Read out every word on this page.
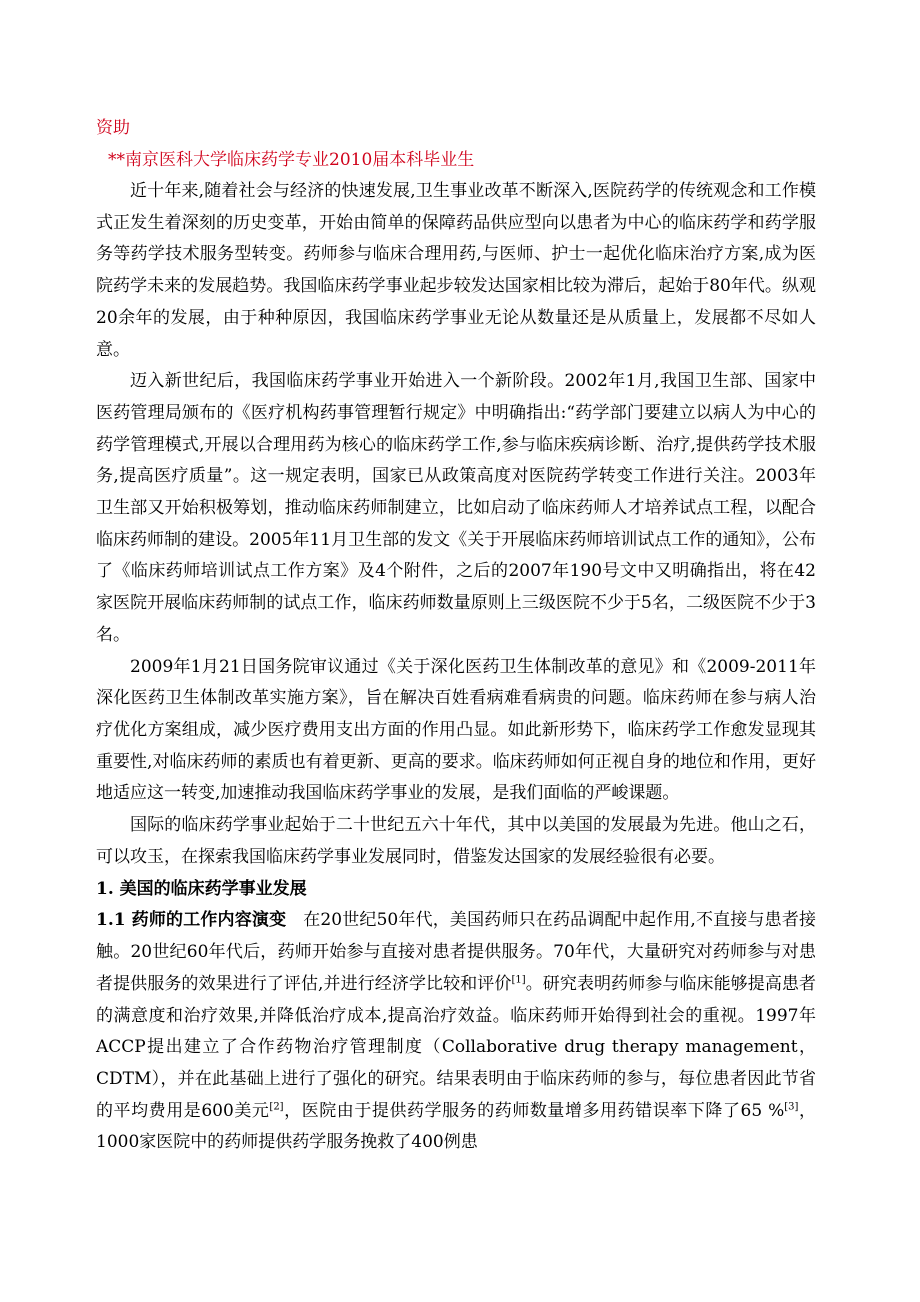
资助

**南京医科大学临床药学专业2010届本科毕业生

近十年来,随着社会与经济的快速发展,卫生事业改革不断深入,医院药学的传统观念和工作模式正发生着深刻的历史变革，开始由简单的保障药品供应型向以患者为中心的临床药学和药学服务等药学技术服务型转变。药师参与临床合理用药,与医师、护士一起优化临床治疗方案,成为医院药学未来的发展趋势。我国临床药学事业起步较发达国家相比较为滞后，起始于80年代。纵观20余年的发展，由于种种原因，我国临床药学事业无论从数量还是从质量上，发展都不尽如人意。

迈入新世纪后，我国临床药学事业开始进入一个新阶段。2002年1月,我国卫生部、国家中医药管理局颁布的《医疗机构药事管理暂行规定》中明确指出:“药学部门要建立以病人为中心的药学管理模式,开展以合理用药为核心的临床药学工作,参与临床疾病诊断、治疗,提供药学技术服务,提高医疗质量”。这一规定表明，国家已从政策高度对医院药学转变工作进行关注。2003年卫生部又开始积极筹划，推动临床药师制建立，比如启动了临床药师人才培养试点工程，以配合临床药师制的建设。2005年11月卫生部的发文《关于开展临床药师培训试点工作的通知》，公布了《临床药师培训试点工作方案》及4个附件，之后的2007年190号文中又明确指出，将在42家医院开展临床药师制的试点工作，临床药师数量原则上三级医院不少于5名，二级医院不少于3名。

2009年1月21日国务院审议通过《关于深化医药卫生体制改革的意见》和《2009-2011年深化医药卫生体制改革实施方案》，旨在解决百姓看病难看病贵的问题。临床药师在参与病人治疗优化方案组成，减少医疗费用支出方面的作用凸显。如此新形势下，临床药学工作愈发显现其重要性,对临床药师的素质也有着更新、更高的要求。临床药师如何正视自身的地位和作用，更好地适应这一转变,加速推动我国临床药学事业的发展，是我们面临的严峻课题。

国际的临床药学事业起始于二十世纪五六十年代，其中以美国的发展最为先进。他山之石，可以攻玉，在探索我国临床药学事业发展同时，借鉴发达国家的发展经验很有必要。

1. 美国的临床药学事业发展

1.1 药师的工作内容演变 在20世纪50年代，美国药师只在药品调配中起作用,不直接与患者接触。20世纪60年代后，药师开始参与直接对患者提供服务。70年代，大量研究对药师参与对患者提供服务的效果进行了评估,并进行经济学比较和评价[1]。研究表明药师参与临床能够提高患者的满意度和治疗效果,并降低治疗成本,提高治疗效益。临床药师开始得到社会的重视。1997年ACCP提出建立了合作药物治疗管理制度（Collaborative drug therapy management，CDTM），并在此基础上进行了强化的研究。结果表明由于临床药师的参与，每位患者因此节省的平均费用是600美元[2]，医院由于提供药学服务的药师数量增多用药错误率下降了65 %[3]，1000家医院中的药师提供药学服务挽救了400例患
